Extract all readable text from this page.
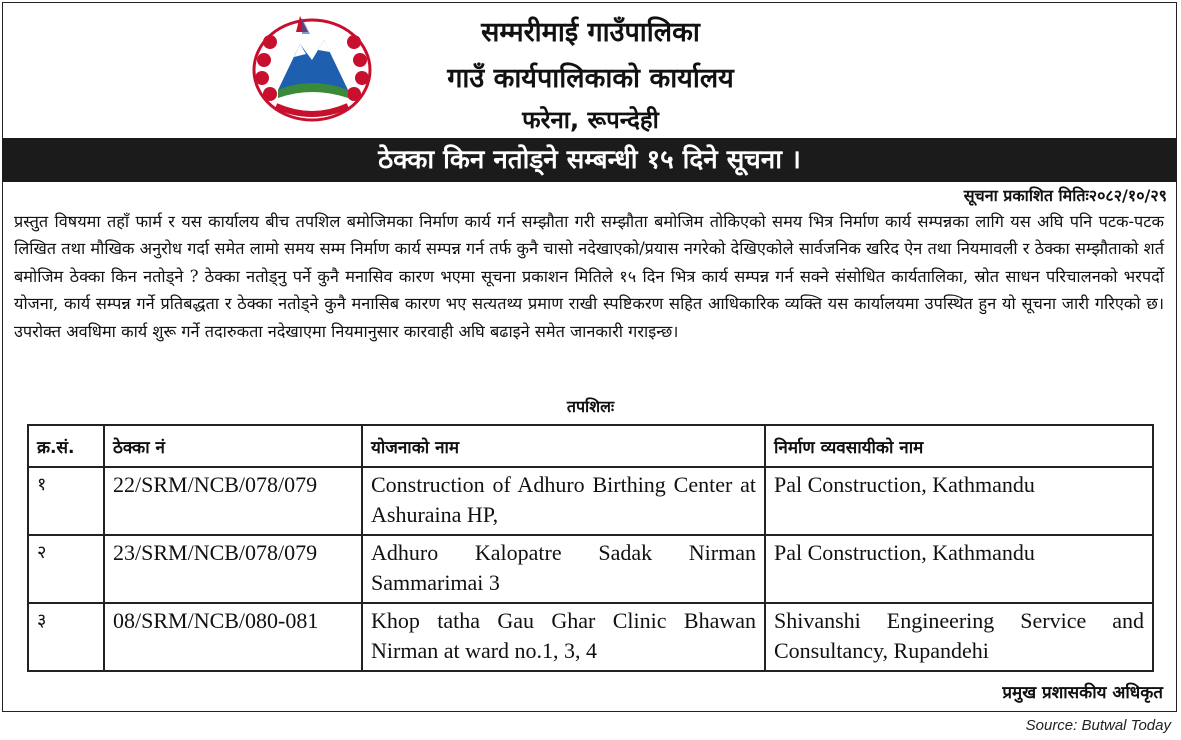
सम्मरीमाई गाउँपालिका
गाउँ कार्यपालिकाको कार्यालय
फरेना, रूपन्देही
ठेक्का किन नतोड्ने सम्बन्धी १५ दिने सूचना ।
सूचना प्रकाशित मितिः२०८२/१०/२९
प्रस्तुत विषयमा तहाँ फार्म र यस कार्यालय बीच तपशिल बमोजिमका निर्माण कार्य गर्न सम्झौता गरी सम्झौता बमोजिम तोकिएको समय भित्र निर्माण कार्य सम्पन्नका लागि यस अघि पनि पटक-पटक लिखित तथा मौखिक अनुरोध गर्दा समेत लामो समय सम्म निर्माण कार्य सम्पन्न गर्न तर्फ कुनै चासो नदेखाएको/प्रयास नगरेको देखिएकोले सार्वजनिक खरिद ऐन तथा नियमावली र ठेक्का सम्झौताको शर्त बमोजिम ठेक्का किन नतोड्ने ? ठेक्का नतोड्नु पर्ने कुनै मनासिव कारण भएमा सूचना प्रकाशन मितिले १५ दिन भित्र कार्य सम्पन्न गर्न सक्ने संसोधित कार्यतालिका, स्रोत साधन परिचालनको भरपर्दो योजना, कार्य सम्पन्न गर्ने प्रतिबद्धता र ठेक्का नतोड्ने कुनै मनासिब कारण भए सत्यतथ्य प्रमाण राखी स्पष्टिकरण सहित आधिकारिक व्यक्ति यस कार्यालयमा उपस्थित हुन यो सूचना जारी गरिएको छ। उपरोक्त अवधिमा कार्य शुरू गर्ने तदारुकता नदेखाएमा नियमानुसार कारवाही अघि बढाइने समेत जानकारी गराइन्छ।
तपशिलः
क्र.सं.	ठेक्का नं	योजनाको नाम	निर्माण व्यवसायीको नाम
१	22/SRM/NCB/078/079	Construction of Adhuro Birthing Center at Ashuraina HP,	Pal Construction, Kathmandu
२	23/SRM/NCB/078/079	Adhuro Kalopatre Sadak Nirman Sammarimai 3	Pal Construction, Kathmandu
३	08/SRM/NCB/080-081	Khop tatha Gau Ghar Clinic Bhawan Nirman at ward no.1, 3, 4	Shivanshi Engineering Service and Consultancy, Rupandehi
प्रमुख प्रशासकीय अधिकृत
Source: Butwal Today
